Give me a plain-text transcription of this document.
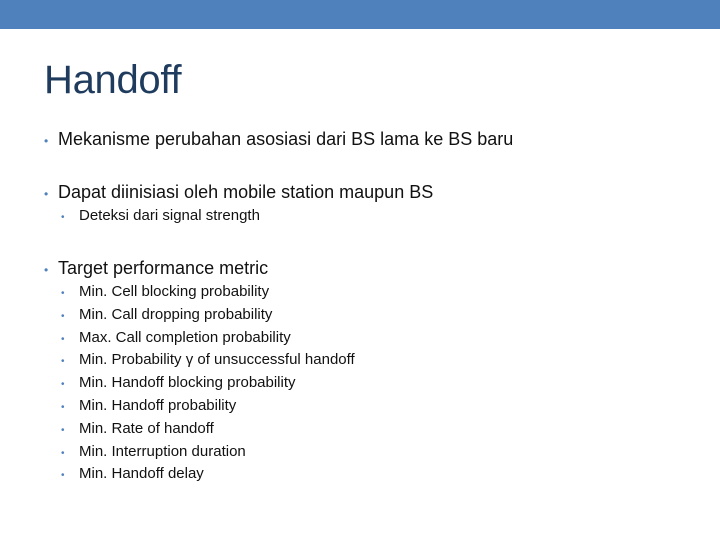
Handoff
• Mekanisme perubahan asosiasi dari BS lama ke BS baru
• Dapat diinisiasi oleh mobile station maupun BS
• Deteksi dari signal strength
• Target performance metric
• Min. Cell blocking probability
• Min. Call dropping probability
• Max. Call completion probability
• Min. Probability γ of unsuccessful handoff
• Min. Handoff blocking probability
• Min. Handoff probability
• Min. Rate of handoff
• Min. Interruption duration
• Min. Handoff delay
